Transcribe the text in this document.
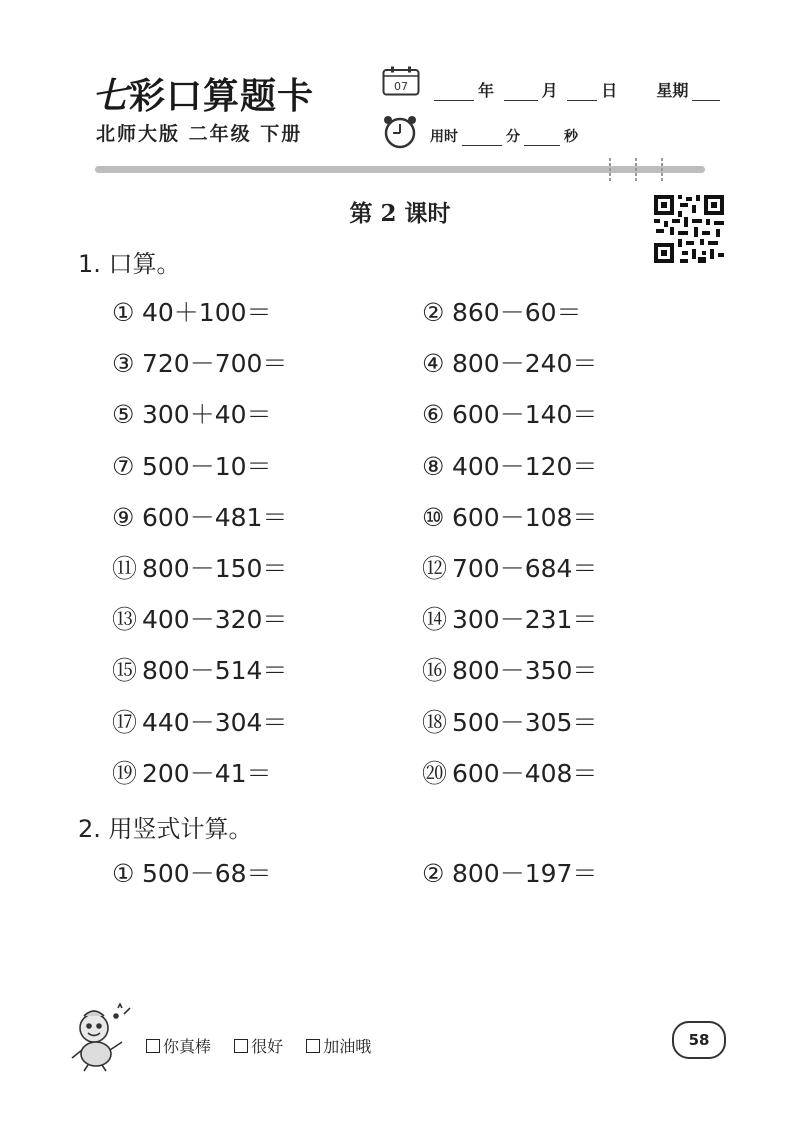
七彩口算题卡
北师大版 二年级 下册
07	年	月	日 星期
用时	分	秒
第 2 课时
1. 口算。
① 40＋100＝	② 860－60＝
③ 720－700＝	④ 800－240＝
⑤ 300＋40＝	⑥ 600－140＝
⑦ 500－10＝	⑧ 400－120＝
⑨ 600－481＝	⑩ 600－108＝
⑪ 800－150＝	⑫ 700－684＝
⑬ 400－320＝	⑭ 300－231＝
⑮ 800－514＝	⑯ 800－350＝
⑰ 440－304＝	⑱ 500－305＝
⑲ 200－41＝	⑳ 600－408＝
2. 用竖式计算。
① 500－68＝	② 800－197＝
你真棒	很好	加油哦	58
